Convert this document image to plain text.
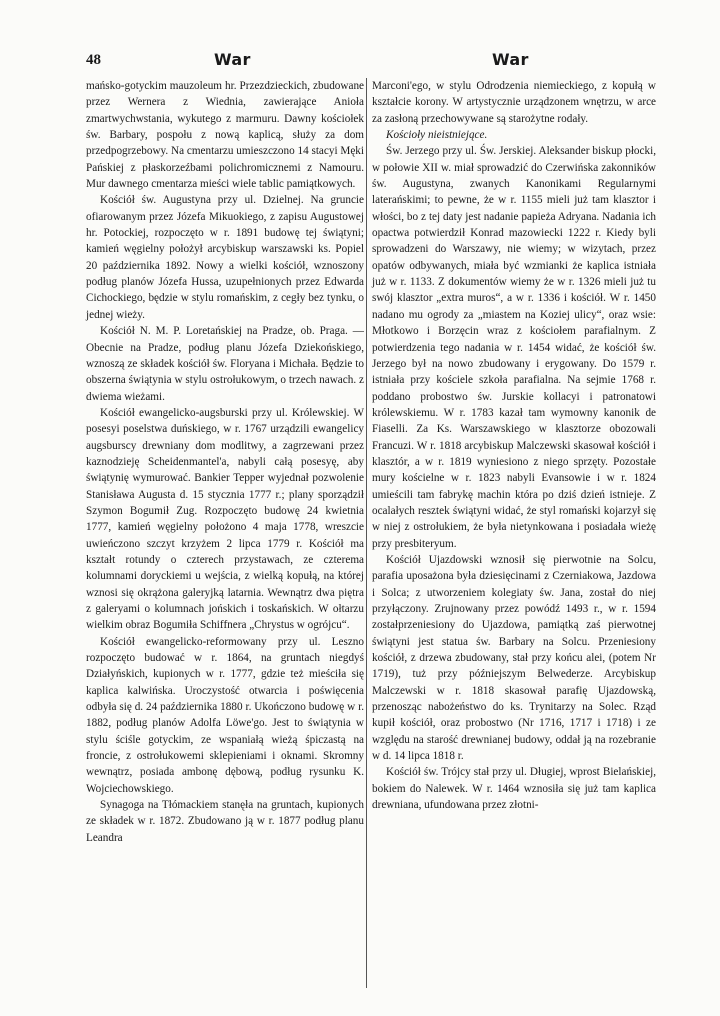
48	War	War

mańsko-gotyckim mauzoleum hr. Przezdzieckich, zbudowane przez Wernera z Wiednia, zawierające Anioła zmartwychwstania, wykutego z marmuru. Dawny kościołek św. Barbary, pospołu z nową kaplicą, służy za dom przedpogrzebowy. Na cmentarzu umieszczono 14 stacyi Męki Pańskiej z płaskorzeźbami polichromicznemi z Namouru. Mur dawnego cmentarza mieści wiele tablic pamiątkowych.

Kościół św. Augustyna przy ul. Dzielnej. Na gruncie ofiarowanym przez Józefa Mikuokiego, z zapisu Augustowej hr. Potockiej, rozpoczęto w r. 1891 budowę tej świątyni; kamień węgielny położył arcybiskup warszawski ks. Popiel 20 października 1892. Nowy a wielki kościół, wznoszony podług planów Józefa Hussa, uzupełnionych przez Edwarda Cichockiego, będzie w stylu romańskim, z cegły bez tynku, o jednej wieży.

Kościół N. M. P. Loretańskiej na Pradze, ob. Praga. — Obecnie na Pradze, podług planu Józefa Dziekońskiego, wznoszą ze składek kościół św. Floryana i Michała. Będzie to obszerna świątynia w stylu ostrołukowym, o trzech nawach. z dwiema wieżami.

Kościół ewangelicko-augsburski przy ul. Królewskiej. W posesyi poselstwa duńskiego, w r. 1767 urządzili ewangelicy augsburscy drewniany dom modlitwy, a zagrzewani przez kaznodzieję Scheidenmantel'a, nabyli całą posesyę, aby świątynię wymurować. Bankier Tepper wyjednał pozwolenie Stanisława Augusta d. 15 stycznia 1777 r.; plany sporządził Szymon Bogumił Zug. Rozpoczęto budowę 24 kwietnia 1777, kamień węgielny położono 4 maja 1778, wreszcie uwieńczono szczyt krzyżem 2 lipca 1779 r. Kościół ma kształt rotundy o czterech przystawach, ze czterema kolumnami doryckiemi u wejścia, z wielką kopułą, na której wznosi się okrążona galeryjką latarnia. Wewnątrz dwa piętra z galeryami o kolumnach jońskich i toskańskich. W ołtarzu wielkim obraz Bogumiła Schiffnera „Chrystus w ogrójcu“.

Kościół ewangelicko-reformowany przy ul. Leszno rozpoczęto budować w r. 1864, na gruntach niegdyś Działyńskich, kupionych w r. 1777, gdzie też mieściła się kaplica kalwińska. Uroczystość otwarcia i poświęcenia odbyła się d. 24 października 1880 r. Ukończono budowę w r. 1882, podług planów Adolfa Löwe'go. Jest to świątynia w stylu ściśle gotyckim, ze wspaniałą wieżą śpiczastą na froncie, z ostrołukowemi sklepieniami i oknami. Skromny wewnątrz, posiada ambonę dębową, podług rysunku K. Wojciechowskiego.

Synagoga na Tłómackiem stanęła na gruntach, kupionych ze składek w r. 1872. Zbudowano ją w r. 1877 podług planu Leandra

Marconi'ego, w stylu Odrodzenia niemieckiego, z kopułą w kształcie korony. W artystycznie urządzonem wnętrzu, w arce za zasłoną przechowywane są starożytne rodały.

Kościoły nieistniejące.

Św. Jerzego przy ul. Św. Jerskiej. Aleksander biskup płocki, w połowie XII w. miał sprowadzić do Czerwińska zakonników św. Augustyna, zwanych Kanonikami Regularnymi laterańskimi; to pewne, że w r. 1155 mieli już tam klasztor i włości, bo z tej daty jest nadanie papieża Adryana. Nadania ich opactwa potwierdził Konrad mazowiecki 1222 r. Kiedy byli sprowadzeni do Warszawy, nie wiemy; w wizytach, przez opatów odbywanych, miała być wzmianki że kaplica istniała już w r. 1133. Z dokumentów wiemy że w r. 1326 mieli już tu swój klasztor „extra muros“, a w r. 1336 i kościół. W r. 1450 nadano mu ogrody za „miastem na Koziej ulicy“, oraz wsie: Młotkowo i Borzęcin wraz z kościołem parafialnym. Z potwierdzenia tego nadania w r. 1454 widać, że kościół św. Jerzego był na nowo zbudowany i erygowany. Do 1579 r. istniała przy kościele szkoła parafialna. Na sejmie 1768 r. poddano probostwo św. Jurskie kollacyi i patronatowi królewskiemu. W r. 1783 kazał tam wymowny kanonik de Fiaselli. Za Ks. Warszawskiego w klasztorze obozowali Francuzi. W r. 1818 arcybiskup Malczewski skasował kościół i klasztór, a w r. 1819 wyniesiono z niego sprzęty. Pozostałe mury kościelne w r. 1823 nabyli Evansowie i w r. 1824 umieścili tam fabrykę machin która po dziś dzień istnieje. Z ocalałych resztek świątyni widać, że styl romański kojarzył się w niej z ostrołukiem, że była nietynkowana i posiadała wieżę przy presbiteryum.

Kościół Ujazdowski wznosił się pierwotnie na Solcu, parafia uposażona była dziesięcinami z Czerniakowa, Jazdowa i Solca; z utworzeniem kolegiaty św. Jana, został do niej przyłączony. Zrujnowany przez powódź 1493 r., w r. 1594 zostałprzeniesiony do Ujazdowa, pamiątką zaś pierwotnej świątyni jest statua św. Barbary na Solcu. Przeniesiony kościół, z drzewa zbudowany, stał przy końcu alei, (potem Nr 1719), tuż przy późniejszym Belwederze. Arcybiskup Malczewski w r. 1818 skasował parafię Ujazdowską, przenosząc nabożeństwo do ks. Trynitarzy na Solec. Rząd kupił kościół, oraz probostwo (Nr 1716, 1717 i 1718) i ze względu na starość drewnianej budowy, oddał ją na rozebranie w d. 14 lipca 1818 r.

Kościół św. Trójcy stał przy ul. Długiej, wprost Bielańskiej, bokiem do Nalewek. W r. 1464 wznosiła się już tam kaplica drewniana, ufundowana przez złotni-
